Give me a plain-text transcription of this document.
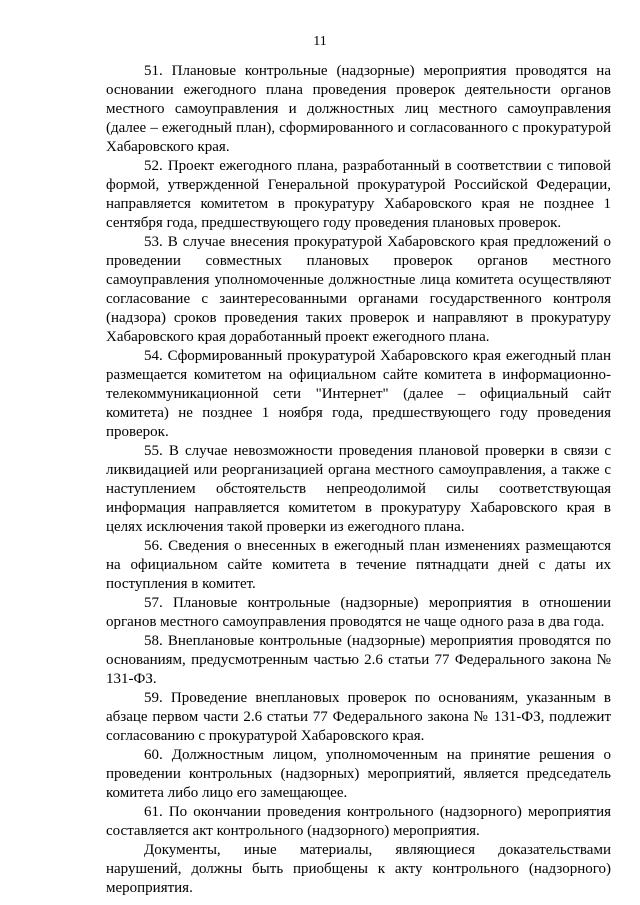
11

51. Плановые контрольные (надзорные) мероприятия проводятся на основании ежегодного плана проведения проверок деятельности органов местного самоуправления и должностных лиц местного самоуправления (далее – ежегодный план), сформированного и согласованного с прокуратурой Хабаровского края.

52. Проект ежегодного плана, разработанный в соответствии с типовой формой, утвержденной Генеральной прокуратурой Российской Федерации, направляется комитетом в прокуратуру Хабаровского края не позднее 1 сентября года, предшествующего году проведения плановых проверок.

53. В случае внесения прокуратурой Хабаровского края предложений о проведении совместных плановых проверок органов местного самоуправления уполномоченные должностные лица комитета осуществляют согласование с заинтересованными органами государственного контроля (надзора) сроков проведения таких проверок и направляют в прокуратуру Хабаровского края доработанный проект ежегодного плана.

54. Сформированный прокуратурой Хабаровского края ежегодный план размещается комитетом на официальном сайте комитета в информационно-телекоммуникационной сети "Интернет" (далее – официальный сайт комитета) не позднее 1 ноября года, предшествующего году проведения проверок.

55. В случае невозможности проведения плановой проверки в связи с ликвидацией или реорганизацией органа местного самоуправления, а также с наступлением обстоятельств непреодолимой силы соответствующая информация направляется комитетом в прокуратуру Хабаровского края в целях исключения такой проверки из ежегодного плана.

56. Сведения о внесенных в ежегодный план изменениях размещаются на официальном сайте комитета в течение пятнадцати дней с даты их поступления в комитет.

57. Плановые контрольные (надзорные) мероприятия в отношении органов местного самоуправления проводятся не чаще одного раза в два года.

58. Внеплановые контрольные (надзорные) мероприятия проводятся по основаниям, предусмотренным частью 2.6 статьи 77 Федерального закона № 131-ФЗ.

59. Проведение внеплановых проверок по основаниям, указанным в абзаце первом части 2.6 статьи 77 Федерального закона № 131-ФЗ, подлежит согласованию с прокуратурой Хабаровского края.

60. Должностным лицом, уполномоченным на принятие решения о проведении контрольных (надзорных) мероприятий, является председатель комитета либо лицо его замещающее.

61. По окончании проведения контрольного (надзорного) мероприятия составляется акт контрольного (надзорного) мероприятия.

Документы, иные материалы, являющиеся доказательствами нарушений, должны быть приобщены к акту контрольного (надзорного) мероприятия.
